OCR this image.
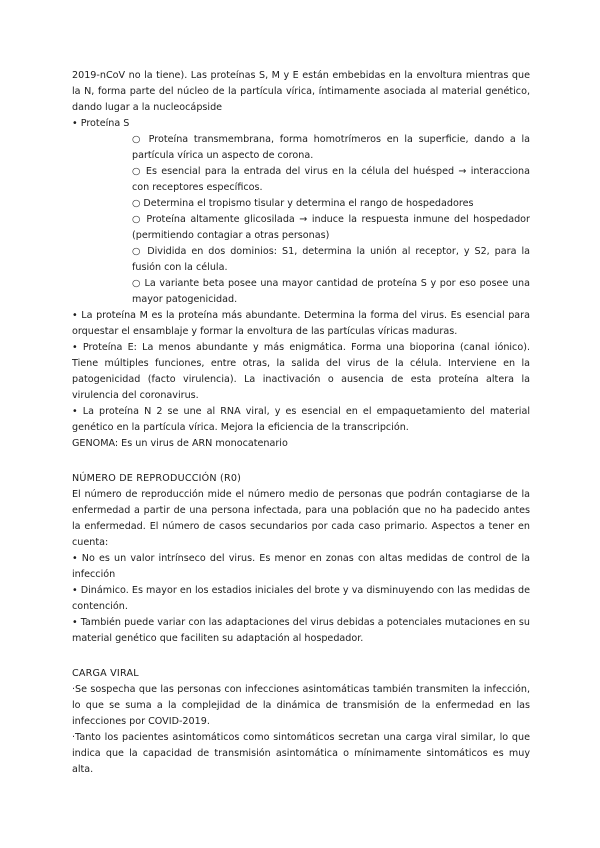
2019-nCoV no la tiene). Las proteínas S, M y E están embebidas en la envoltura mientras que la N, forma parte del núcleo de la partícula vírica, íntimamente asociada al material genético, dando lugar a la nucleocápside

• Proteína S

○ Proteína transmembrana, forma homotrímeros en la superficie, dando a la partícula vírica un aspecto de corona.

○ Es esencial para la entrada del virus en la célula del huésped → interacciona con receptores específicos.

○ Determina el tropismo tisular y determina el rango de hospedadores

○ Proteína altamente glicosilada → induce la respuesta inmune del hospedador (permitiendo contagiar a otras personas)

○ Dividida en dos dominios: S1, determina la unión al receptor, y S2, para la fusión con la célula.

○ La variante beta posee una mayor cantidad de proteína S y por eso posee una mayor patogenicidad.

• La proteína M es la proteína más abundante. Determina la forma del virus. Es esencial para orquestar el ensamblaje y formar la envoltura de las partículas víricas maduras.

• Proteína E: La menos abundante y más enigmática. Forma una bioporina (canal iónico). Tiene múltiples funciones, entre otras, la salida del virus de la célula. Interviene en la patogenicidad (facto virulencia). La inactivación o ausencia de esta proteína altera la virulencia del coronavirus.

• La proteína N 2 se une al RNA viral, y es esencial en el empaquetamiento del material genético en la partícula vírica. Mejora la eficiencia de la transcripción.

GENOMA: Es un virus de ARN monocatenario

NÚMERO DE REPRODUCCIÓN (R0)

El número de reproducción mide el número medio de personas que podrán contagiarse de la enfermedad a partir de una persona infectada, para una población que no ha padecido antes la enfermedad. El número de casos secundarios por cada caso primario. Aspectos a tener en cuenta:

• No es un valor intrínseco del virus. Es menor en zonas con altas medidas de control de la infección

• Dinámico. Es mayor en los estadios iniciales del brote y va disminuyendo con las medidas de contención.

• También puede variar con las adaptaciones del virus debidas a potenciales mutaciones en su material genético que faciliten su adaptación al hospedador.

CARGA VIRAL

·Se sospecha que las personas con infecciones asintomáticas también transmiten la infección, lo que se suma a la complejidad de la dinámica de transmisión de la enfermedad en las infecciones por COVID-2019.

·Tanto los pacientes asintomáticos como sintomáticos secretan una carga viral similar, lo que indica que la capacidad de transmisión asintomática o mínimamente sintomáticos es muy alta.
